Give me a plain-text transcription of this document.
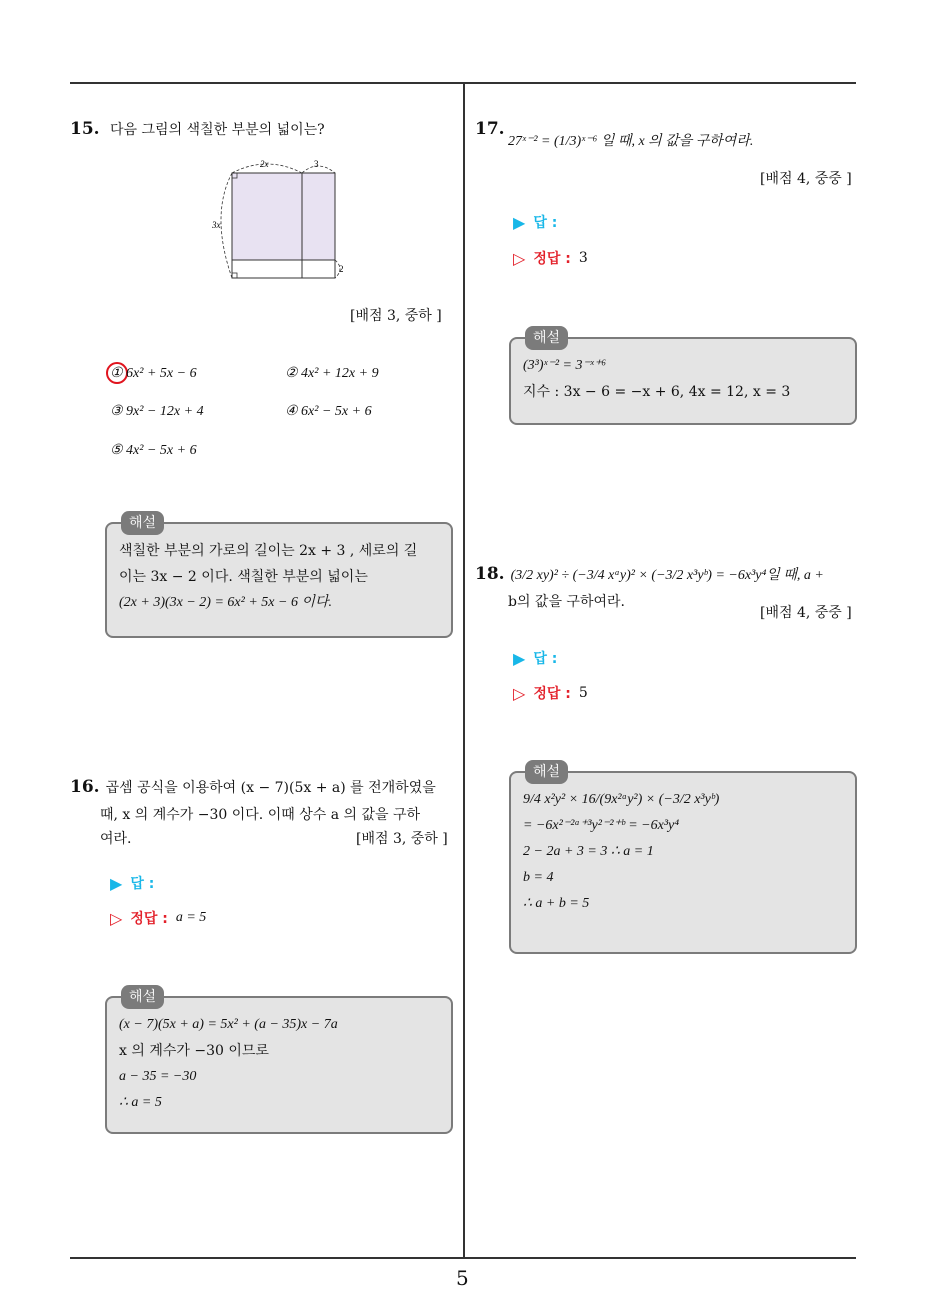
5
15. 다음 그림의 색칠한 부분의 넓이는?
2x	3
3x
2
[배점 3, 중하 ]
① 6x² + 5x − 6	② 4x² + 12x + 9
③ 9x² − 12x + 4	④ 6x² − 5x + 6
⑤ 4x² − 5x + 6
해설
색칠한 부분의 가로의 길이는 2x + 3 , 세로의 길
이는 3x − 2 이다. 색칠한 부분의 넓이는
(2x + 3)(3x − 2) = 6x² + 5x − 6 이다.
16. 곱셈 공식을 이용하여 (x − 7)(5x + a) 를 전개하였을
때, x 의 계수가 −30 이다. 이때 상수 a 의 값을 구하
여라.	[배점 3, 중하 ]
▶ 답 :
▷ 정답 : a = 5
해설
(x − 7)(5x + a) = 5x² + (a − 35)x − 7a
x 의 계수가 −30 이므로
a − 35 = −30
∴ a = 5
17.
27ˣ⁻² = (1/3)ˣ⁻⁶ 일 때, x 의 값을 구하여라.
[배점 4, 중중 ]
▶ 답 :
▷ 정답 : 3
해설
(3³)ˣ⁻² = 3⁻ˣ⁺⁶
지수 : 3x − 6 = −x + 6, 4x = 12, x = 3
18. (3/2 xy)² ÷ (−3/4 xᵃy)² × (−3/2 x³yᵇ) = −6x³y⁴일 때, a +
b의 값을 구하여라.
[배점 4, 중중 ]
▶ 답 :
▷ 정답 : 5
해설
9/4 x²y² × 16/(9x²ᵃy²) × (−3/2 x³yᵇ)
= −6x²⁻²ᵃ⁺³y²⁻²⁺ᵇ = −6x³y⁴
2 − 2a + 3 = 3 ∴ a = 1
b = 4
∴ a + b = 5
